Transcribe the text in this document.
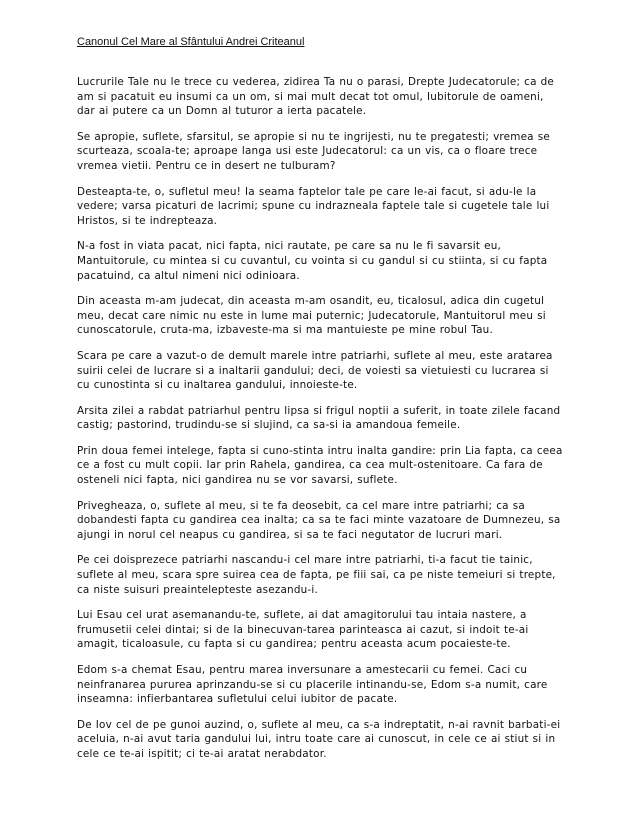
Canonul Cel Mare al Sfântului Andrei Criteanul

Lucrurile Tale nu le trece cu vederea, zidirea Ta nu o parasi, Drepte Judecatorule; ca de am si pacatuit eu insumi ca un om, si mai mult decat tot omul, Iubitorule de oameni, dar ai putere ca un Domn al tuturor a ierta pacatele.

Se apropie, suflete, sfarsitul, se apropie si nu te ingrijesti, nu te pregatesti; vremea se scurteaza, scoala-te; aproape langa usi este Judecatorul: ca un vis, ca o floare trece vremea vietii. Pentru ce in desert ne tulburam?

Desteapta-te, o, sufletul meu! Ia seama faptelor tale pe care le-ai facut, si adu-le la vedere; varsa picaturi de lacrimi; spune cu indrazneala faptele tale si cugetele tale lui Hristos, si te indrepteaza.

N-a fost in viata pacat, nici fapta, nici rautate, pe care sa nu le fi savarsit eu, Mantuitorule, cu mintea si cu cuvantul, cu vointa si cu gandul si cu stiinta, si cu fapta pacatuind, ca altul nimeni nici odinioara.

Din aceasta m-am judecat, din aceasta m-am osandit, eu, ticalosul, adica din cugetul meu, decat care nimic nu este in lume mai puternic; Judecatorule, Mantuitorul meu si cunoscatorule, cruta-ma, izbaveste-ma si ma mantuieste pe mine robul Tau.

Scara pe care a vazut-o de demult marele intre patriarhi, suflete al meu, este aratarea suirii celei de lucrare si a inaltarii gandului; deci, de voiesti sa vietuiesti cu lucrarea si cu cunostinta si cu inaltarea gandului, innoieste-te.

Arsita zilei a rabdat patriarhul pentru lipsa si frigul noptii a suferit, in toate zilele facand castig; pastorind, trudindu-se si slujind, ca sa-si ia amandoua femeile.

Prin doua femei intelege, fapta si cuno-stinta intru inalta gandire: prin Lia fapta, ca ceea ce a fost cu mult copii. Iar prin Rahela, gandirea, ca cea mult-ostenitoare. Ca fara de osteneli nici fapta, nici gandirea nu se vor savarsi, suflete.

Privegheaza, o, suflete al meu, si te fa deosebit, ca cel mare intre patriarhi; ca sa dobandesti fapta cu gandirea cea inalta; ca sa te faci minte vazatoare de Dumnezeu, sa ajungi in norul cel neapus cu gandirea, si sa te faci negutator de lucruri mari.

Pe cei doisprezece patriarhi nascandu-i cel mare intre patriarhi, ti-a facut tie tainic, suflete al meu, scara spre suirea cea de fapta, pe fiii sai, ca pe niste temeiuri si trepte, ca niste suisuri preaintelepteste asezandu-i.

Lui Esau cel urat asemanandu-te, suflete, ai dat amagitorului tau intaia nastere, a frumusetii celei dintai; si de la binecuvan-tarea parinteasca ai cazut, si indoit te-ai amagit, ticaloasule, cu fapta si cu gandirea; pentru aceasta acum pocaieste-te.

Edom s-a chemat Esau, pentru marea inversunare a amestecarii cu femei. Caci cu neinfranarea pururea aprinzandu-se si cu placerile intinandu-se, Edom s-a numit, care inseamna: infierbantarea sufletului celui iubitor de pacate.

De Iov cel de pe gunoi auzind, o, suflete al meu, ca s-a indreptatit, n-ai ravnit barbati-ei aceluia, n-ai avut taria gandului lui, intru toate care ai cunoscut, in cele ce ai stiut si in cele ce te-ai ispitit; ci te-ai aratat nerabdator.
